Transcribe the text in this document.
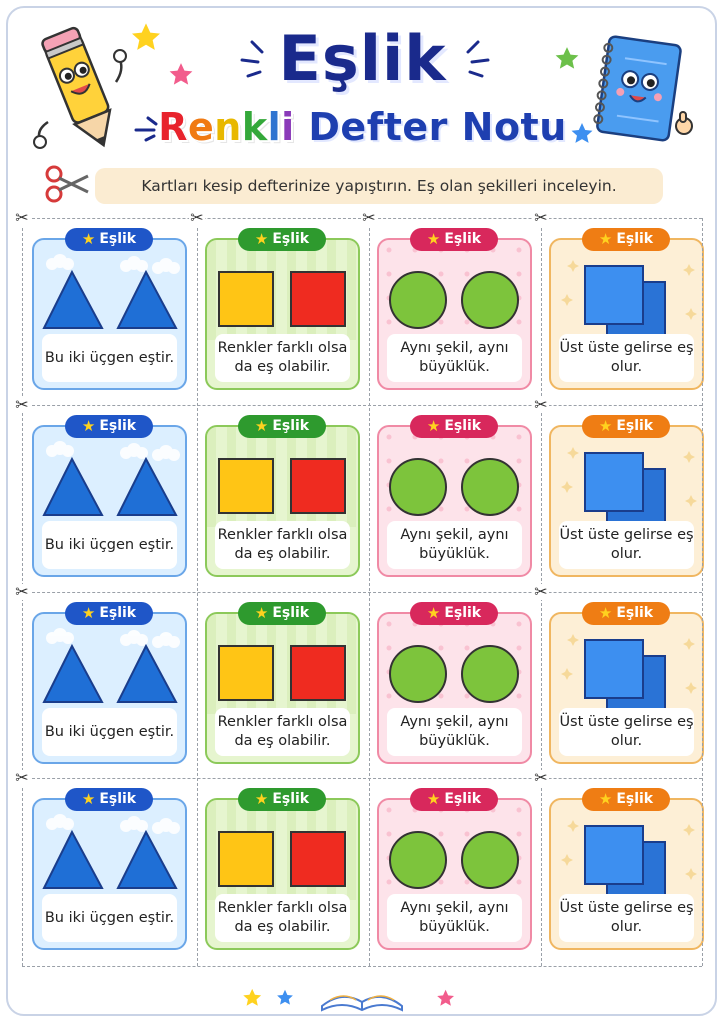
Eşlik
Renkli Defter Notu
Kartları kesip defterinize yapıştırın. Eş olan şekilleri inceleyin.
Bu iki üçgen eştir.
★ Eşlik
Renkler farklı olsa da eş olabilir.
★ Eşlik
Aynı şekil, aynı büyüklük.
★ Eşlik
Üst üste gelirse eş olur.
★ Eşlik
Bu iki üçgen eştir.
★ Eşlik
Renkler farklı olsa da eş olabilir.
★ Eşlik
Aynı şekil, aynı büyüklük.
★ Eşlik
Üst üste gelirse eş olur.
★ Eşlik
Bu iki üçgen eştir.
★ Eşlik
Renkler farklı olsa da eş olabilir.
★ Eşlik
Aynı şekil, aynı büyüklük.
★ Eşlik
Üst üste gelirse eş olur.
★ Eşlik
Bu iki üçgen eştir.
★ Eşlik
Renkler farklı olsa da eş olabilir.
★ Eşlik
Aynı şekil, aynı büyüklük.
★ Eşlik
Üst üste gelirse eş olur.
★ Eşlik
✂	✂	✂	✂
✂	✂
✂	✂
✂	✂
